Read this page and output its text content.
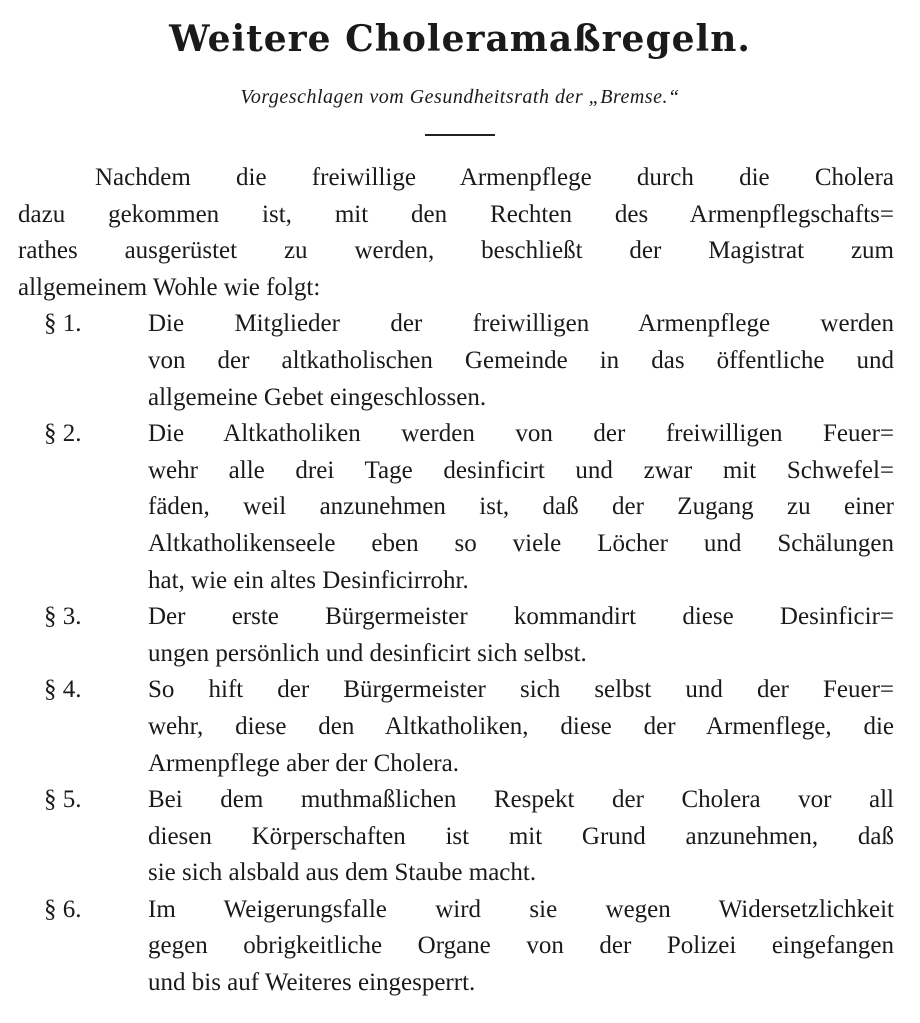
Weitere Choleramaßregeln.
Vorgeschlagen vom Gesundheitsrath der „Bremse.“
Nachdem die freiwillige Armenpflege durch die Cholera
dazu gekommen ist, mit den Rechten des Armenpflegschafts=
rathes ausgerüstet zu werden, beschließt der Magistrat zum
allgemeinem Wohle wie folgt:
§ 1.	Die Mitglieder der freiwilligen Armenpflege werden
von der altkatholischen Gemeinde in das öffentliche und
allgemeine Gebet eingeschlossen.
§ 2.	Die Altkatholiken werden von der freiwilligen Feuer=
wehr alle drei Tage desinficirt und zwar mit Schwefel=
fäden, weil anzunehmen ist, daß der Zugang zu einer
Altkatholikenseele eben so viele Löcher und Schälungen
hat, wie ein altes Desinficirrohr.
§ 3.	Der erste Bürgermeister kommandirt diese Desinficir=
ungen persönlich und desinficirt sich selbst.
§ 4.	So hift der Bürgermeister sich selbst und der Feuer=
wehr, diese den Altkatholiken, diese der Armenflege, die
Armenpflege aber der Cholera.
§ 5.	Bei dem muthmaßlichen Respekt der Cholera vor all
diesen Körperschaften ist mit Grund anzunehmen, daß
sie sich alsbald aus dem Staube macht.
§ 6.	Im Weigerungsfalle wird sie wegen Widersetzlichkeit
gegen obrigkeitliche Organe von der Polizei eingefangen
und bis auf Weiteres eingesperrt.
